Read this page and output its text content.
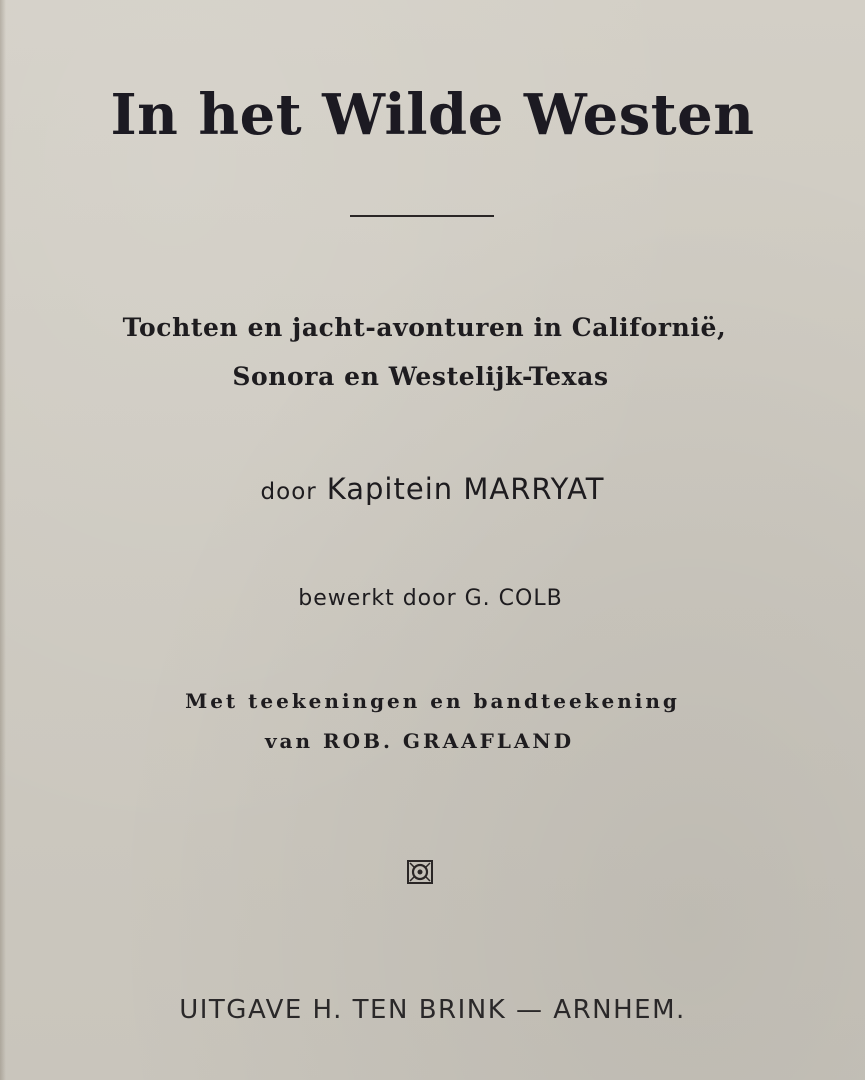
In het Wilde Westen
Tochten en jacht-avonturen in Californië,
Sonora en Westelijk-Texas
door Kapitein MARRYAT
bewerkt door G. COLB
Met teekeningen en bandteekening
van ROB. GRAAFLAND
UITGAVE H. TEN BRINK — ARNHEM.
